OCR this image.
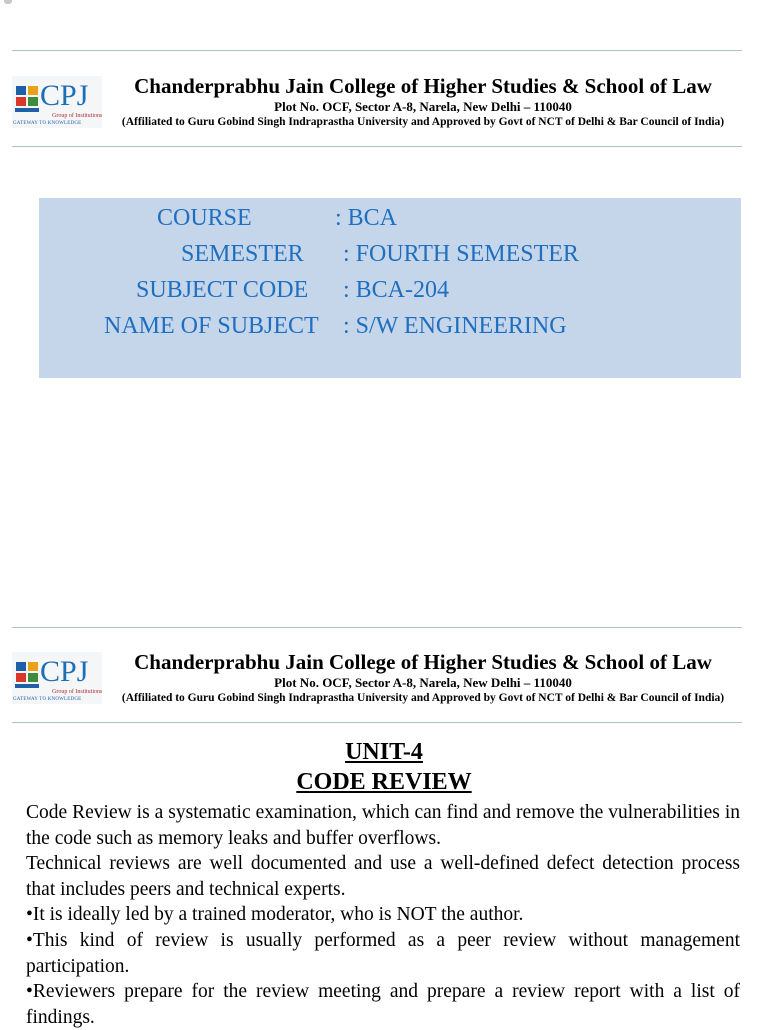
CPJ
Group of Institutions
GATEWAY TO KNOWLEDGE
Chanderprabhu Jain College of Higher Studies & School of Law
Plot No. OCF, Sector A-8, Narela, New Delhi – 110040
(Affiliated to Guru Gobind Singh Indraprastha University and Approved by Govt of NCT of Delhi & Bar Council of India)
COURSE	: BCA
SEMESTER : FOURTH SEMESTER
SUBJECT CODE : BCA-204
NAME OF SUBJECT : S/W ENGINEERING
CPJ
Group of Institutions
GATEWAY TO KNOWLEDGE
Chanderprabhu Jain College of Higher Studies & School of Law
Plot No. OCF, Sector A-8, Narela, New Delhi – 110040
(Affiliated to Guru Gobind Singh Indraprastha University and Approved by Govt of NCT of Delhi & Bar Council of India)
UNIT-4
CODE REVIEW

Code Review is a systematic examination, which can find and remove the vulnerabilities in the code such as memory leaks and buffer overflows.

Technical reviews are well documented and use a well-defined defect detection process that includes peers and technical experts.

•It is ideally led by a trained moderator, who is NOT the author.

•This kind of review is usually performed as a peer review without management participation.

•Reviewers prepare for the review meeting and prepare a review report with a list of findings.
